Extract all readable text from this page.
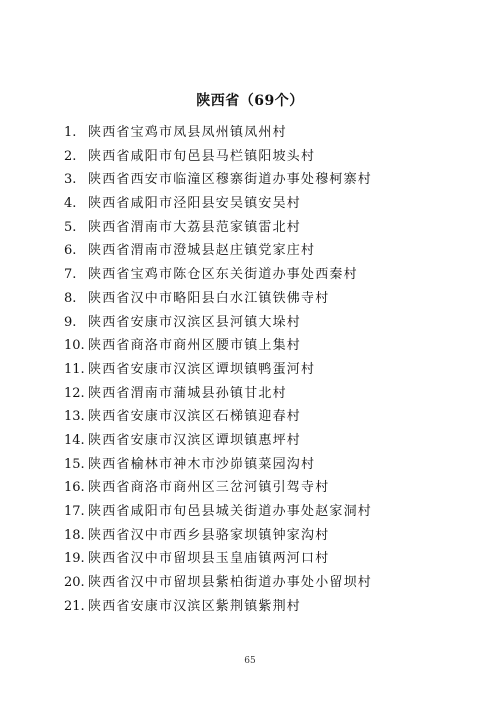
陕西省（69个）
1. 陕西省宝鸡市凤县凤州镇凤州村
2. 陕西省咸阳市旬邑县马栏镇阳坡头村
3. 陕西省西安市临潼区穆寨街道办事处穆柯寨村
4. 陕西省咸阳市泾阳县安吴镇安吴村
5. 陕西省渭南市大荔县范家镇雷北村
6. 陕西省渭南市澄城县赵庄镇党家庄村
7. 陕西省宝鸡市陈仓区东关街道办事处西秦村
8. 陕西省汉中市略阳县白水江镇铁佛寺村
9. 陕西省安康市汉滨区县河镇大垛村
10. 陕西省商洛市商州区腰市镇上集村
11. 陕西省安康市汉滨区谭坝镇鸭蛋河村
12. 陕西省渭南市蒲城县孙镇甘北村
13. 陕西省安康市汉滨区石梯镇迎春村
14. 陕西省安康市汉滨区谭坝镇惠坪村
15. 陕西省榆林市神木市沙峁镇菜园沟村
16. 陕西省商洛市商州区三岔河镇引驾寺村
17. 陕西省咸阳市旬邑县城关街道办事处赵家洞村
18. 陕西省汉中市西乡县骆家坝镇钟家沟村
19. 陕西省汉中市留坝县玉皇庙镇两河口村
20. 陕西省汉中市留坝县紫柏街道办事处小留坝村
21. 陕西省安康市汉滨区紫荆镇紫荆村
65
